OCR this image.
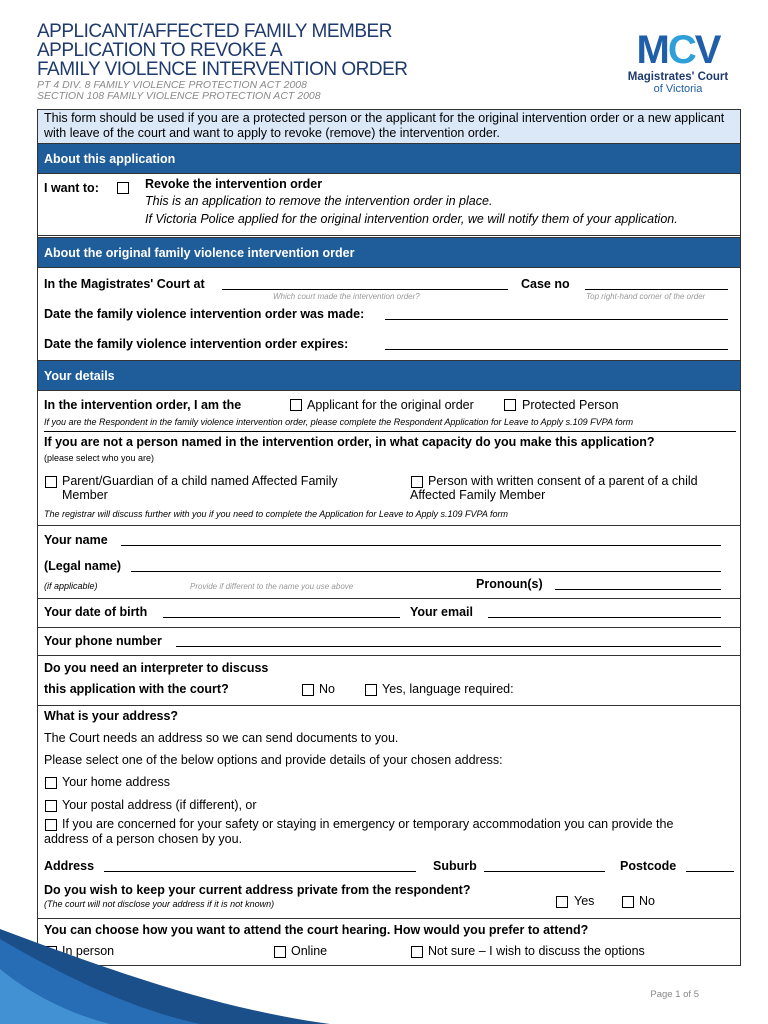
APPLICANT/AFFECTED FAMILY MEMBER
APPLICATION TO REVOKE A
FAMILY VIOLENCE INTERVENTION ORDER
PT 4 DIV. 8 FAMILY VIOLENCE PROTECTION ACT 2008
SECTION 108 FAMILY VIOLENCE PROTECTION ACT 2008
MCV
Magistrates' Court
of Victoria
This form should be used if you are a protected person or the applicant for the original intervention order or a new applicant with leave of the court and want to apply to revoke (remove) the intervention order.
About this application
I want to:	Revoke the intervention order
This is an application to remove the intervention order in place.
If Victoria Police applied for the original intervention order, we will notify them of your application.
About the original family violence intervention order
In the Magistrates' Court at
Which court made the intervention order?
Case no
Top right-hand corner of the order
Date the family violence intervention order was made:
Date the family violence intervention order expires:
Your details
In the intervention order, I am the	Applicant for the original order	Protected Person
If you are the Respondent in the family violence intervention order, please complete the Respondent Application for Leave to Apply s.109 FVPA form
If you are not a person named in the intervention order, in what capacity do you make this application?
(please select who you are)
Parent/Guardian of a child named Affected Family
Member
Person with written consent of a parent of a child
Affected Family Member
The registrar will discuss further with you if you need to complete the Application for Leave to Apply s.109 FVPA form
Your name
(Legal name)
(if applicable)	Provide if different to the name you use above	Pronoun(s)
Your date of birth	Your email
Your phone number
Do you need an interpreter to discuss
this application with the court?	No	Yes, language required:
What is your address?
The Court needs an address so we can send documents to you.
Please select one of the below options and provide details of your chosen address:
Your home address
Your postal address (if different), or
If you are concerned for your safety or staying in emergency or temporary accommodation you can provide the
address of a person chosen by you.
Address	Suburb	Postcode
Do you wish to keep your current address private from the respondent?
(The court will not disclose your address if it is not known)	Yes	No
You can choose how you want to attend the court hearing. How would you prefer to attend?
In person	Online	Not sure – I wish to discuss the options
Page 1 of 5
